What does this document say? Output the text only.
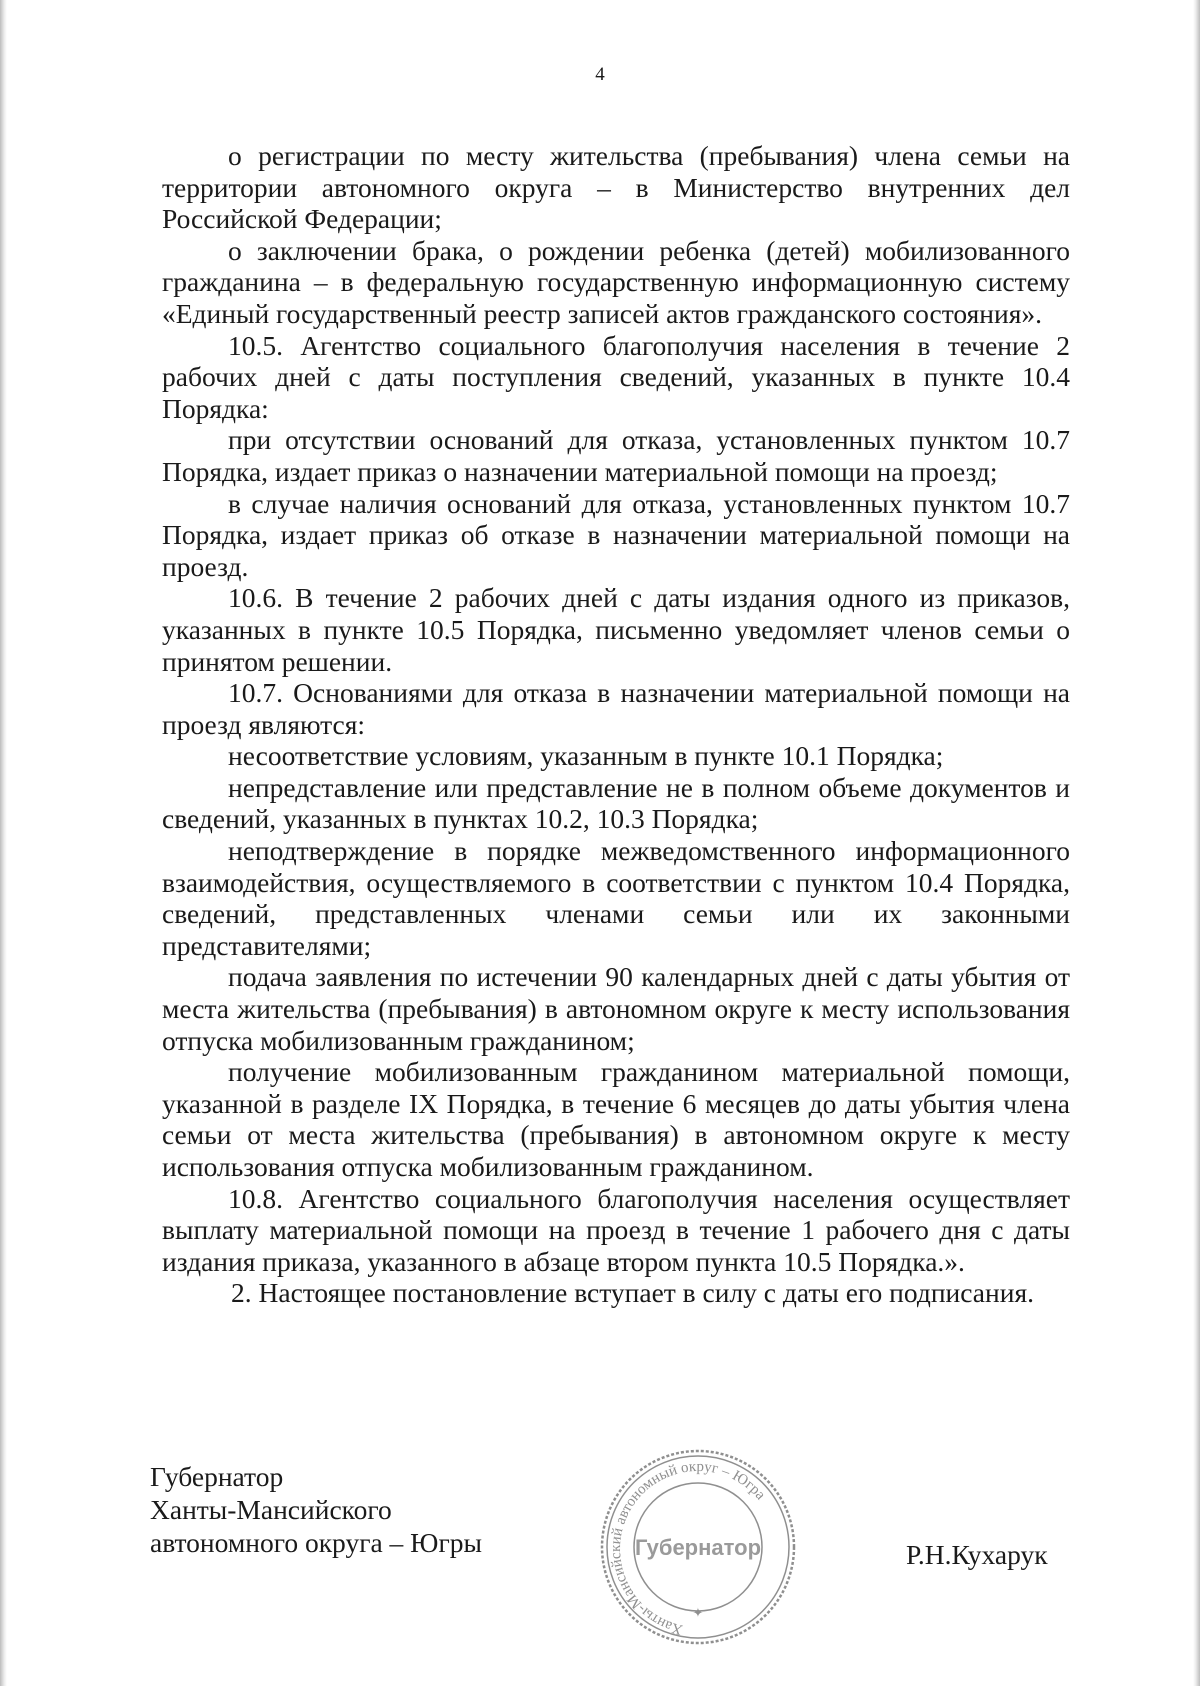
4

о регистрации по месту жительства (пребывания) члена семьи на территории автономного округа – в Министерство внутренних дел Российской Федерации;

о заключении брака, о рождении ребенка (детей) мобилизованного гражданина – в федеральную государственную информационную систему «Единый государственный реестр записей актов гражданского состояния».

10.5. Агентство социального благополучия населения в течение 2 рабочих дней с даты поступления сведений, указанных в пункте 10.4 Порядка:

при отсутствии оснований для отказа, установленных пунктом 10.7 Порядка, издает приказ о назначении материальной помощи на проезд;

в случае наличия оснований для отказа, установленных пунктом 10.7 Порядка, издает приказ об отказе в назначении материальной помощи на проезд.

10.6. В течение 2 рабочих дней с даты издания одного из приказов, указанных в пункте 10.5 Порядка, письменно уведомляет членов семьи о принятом решении.

10.7. Основаниями для отказа в назначении материальной помощи на проезд являются:

несоответствие условиям, указанным в пункте 10.1 Порядка;

непредставление или представление не в полном объеме документов и сведений, указанных в пунктах 10.2, 10.3 Порядка;

неподтверждение в порядке межведомственного информационного взаимодействия, осуществляемого в соответствии с пунктом 10.4 Порядка, сведений, представленных членами семьи или их законными представителями;

подача заявления по истечении 90 календарных дней с даты убытия от места жительства (пребывания) в автономном округе к месту использования отпуска мобилизованным гражданином;

получение мобилизованным гражданином материальной помощи, указанной в разделе IX Порядка, в течение 6 месяцев до даты убытия члена семьи от места жительства (пребывания) в автономном округе к месту использования отпуска мобилизованным гражданином.

10.8. Агентство социального благополучия населения осуществляет выплату материальной помощи на проезд в течение 1 рабочего дня с даты издания приказа, указанного в абзаце втором пункта 10.5 Порядка.».

2. Настоящее постановление вступает в силу с даты его подписания.

Губернатор
Ханты-Мансийского
автономного округа – Югры
Ханты-Мансийский автономный округ – Югра
Губернатор
✦
Р.Н.Кухарук
